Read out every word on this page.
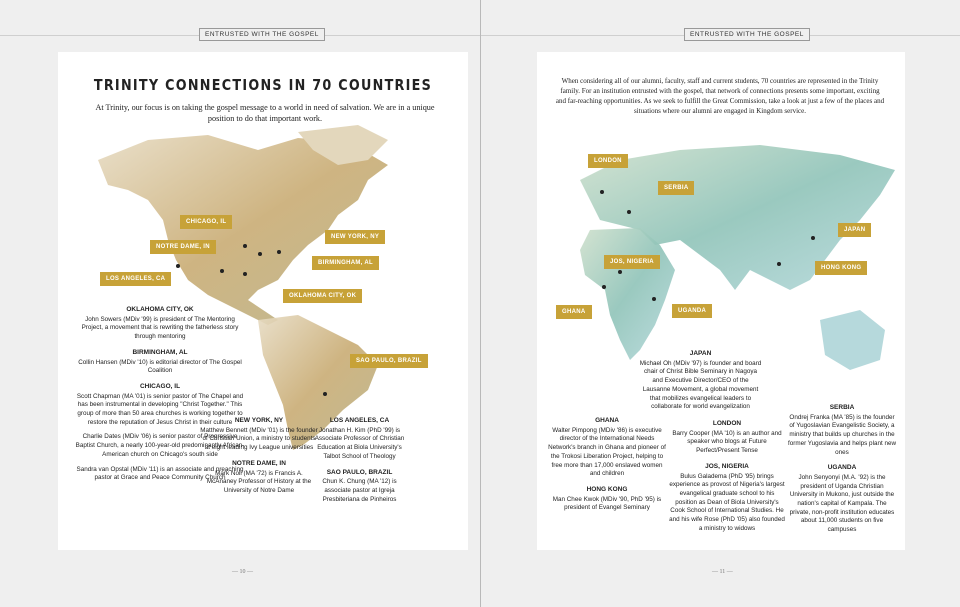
ENTRUSTED WITH THE GOSPEL	ENTRUSTED WITH THE GOSPEL
TRINITY CONNECTIONS IN 70 COUNTRIES
At Trinity, our focus is on taking the gospel message to a world in need of salvation. We are in a unique position to do that important work.
CHICAGO, IL
NOTRE DAME, IN
LOS ANGELES, CA
NEW YORK, NY
BIRMINGHAM, AL
OKLAHOMA CITY, OK
SAO PAULO, BRAZIL
OKLAHOMA CITY, OK

John Sowers (MDiv '99) is president of The Mentoring Project, a movement that is rewriting the fatherless story through mentoring

BIRMINGHAM, AL

Collin Hansen (MDiv '10) is editorial director of The Gospel Coalition

CHICAGO, IL

Scott Chapman (MA '01) is senior pastor of The Chapel and has been instrumental in developing "Christ Together." This group of more than 50 area churches is working together to restore the reputation of Jesus Christ in their culture

Charlie Dates (MDiv '06) is senior pastor of Progressive Baptist Church, a nearly 100-year-old predominantly African-American church on Chicago's south side

Sandra van Opstal (MDiv '11) is an associate and preaching pastor at Grace and Peace Community Church

NEW YORK, NY

Matthew Bennett (MDiv '01) is the founder of Christian Union, a ministry to students at eight leading Ivy League universities

NOTRE DAME, IN

Mark Noll (MA '72) is Francis A. McAnaney Professor of History at the University of Notre Dame

LOS ANGELES, CA

Jonathan H. Kim (PhD '99) is Associate Professor of Christian Education at Biola University's Talbot School of Theology

SAO PAULO, BRAZIL

Chun K. Chung (MA '12) is associate pastor at Igreja Presbiteriana de Pinheiros

— 10 —
When considering all of our alumni, faculty, staff and current students, 70 countries are represented in the Trinity family. For an institution entrusted with the gospel, that network of connections presents some important, exciting and far-reaching opportunities. As we seek to fulfill the Great Commission, take a look at just a few of the places and situations where our alumni are engaged in Kingdom service.
LONDON
SERBIA
JOS, NIGERIA
GHANA	UGANDA
JAPAN
HONG KONG
JAPAN

Michael Oh (MDiv '97) is founder and board chair of Christ Bible Seminary in Nagoya and Executive Director/CEO of the Lausanne Movement, a global movement that mobilizes evangelical leaders to collaborate for world evangelization

GHANA

Walter Pimpong (MDiv '86) is executive director of the International Needs Network's branch in Ghana and pioneer of the Trokosi Liberation Project, helping to free more than 17,000 enslaved women and children

HONG KONG

Man Chee Kwok (MDiv '90, PhD '95) is president of Evangel Seminary

LONDON

Barry Cooper (MA '10) is an author and speaker who blogs at Future Perfect/Present Tense

JOS, NIGERIA

Bulus Galadema (PhD '95) brings experience as provost of Nigeria's largest evangelical graduate school to his position as Dean of Biola University's Cook School of International Studies. He and his wife Rose (PhD '05) also founded a ministry to widows

SERBIA

Ondrej Franka (MA '85) is the founder of Yugoslavian Evangelistic Society, a ministry that builds up churches in the former Yugoslavia and helps plant new ones

UGANDA

John Senyonyi (M.A. '92) is the president of Uganda Christian University in Mukono, just outside the nation's capital of Kampala. The private, non-profit institution educates about 11,000 students on five campuses

— 11 —
